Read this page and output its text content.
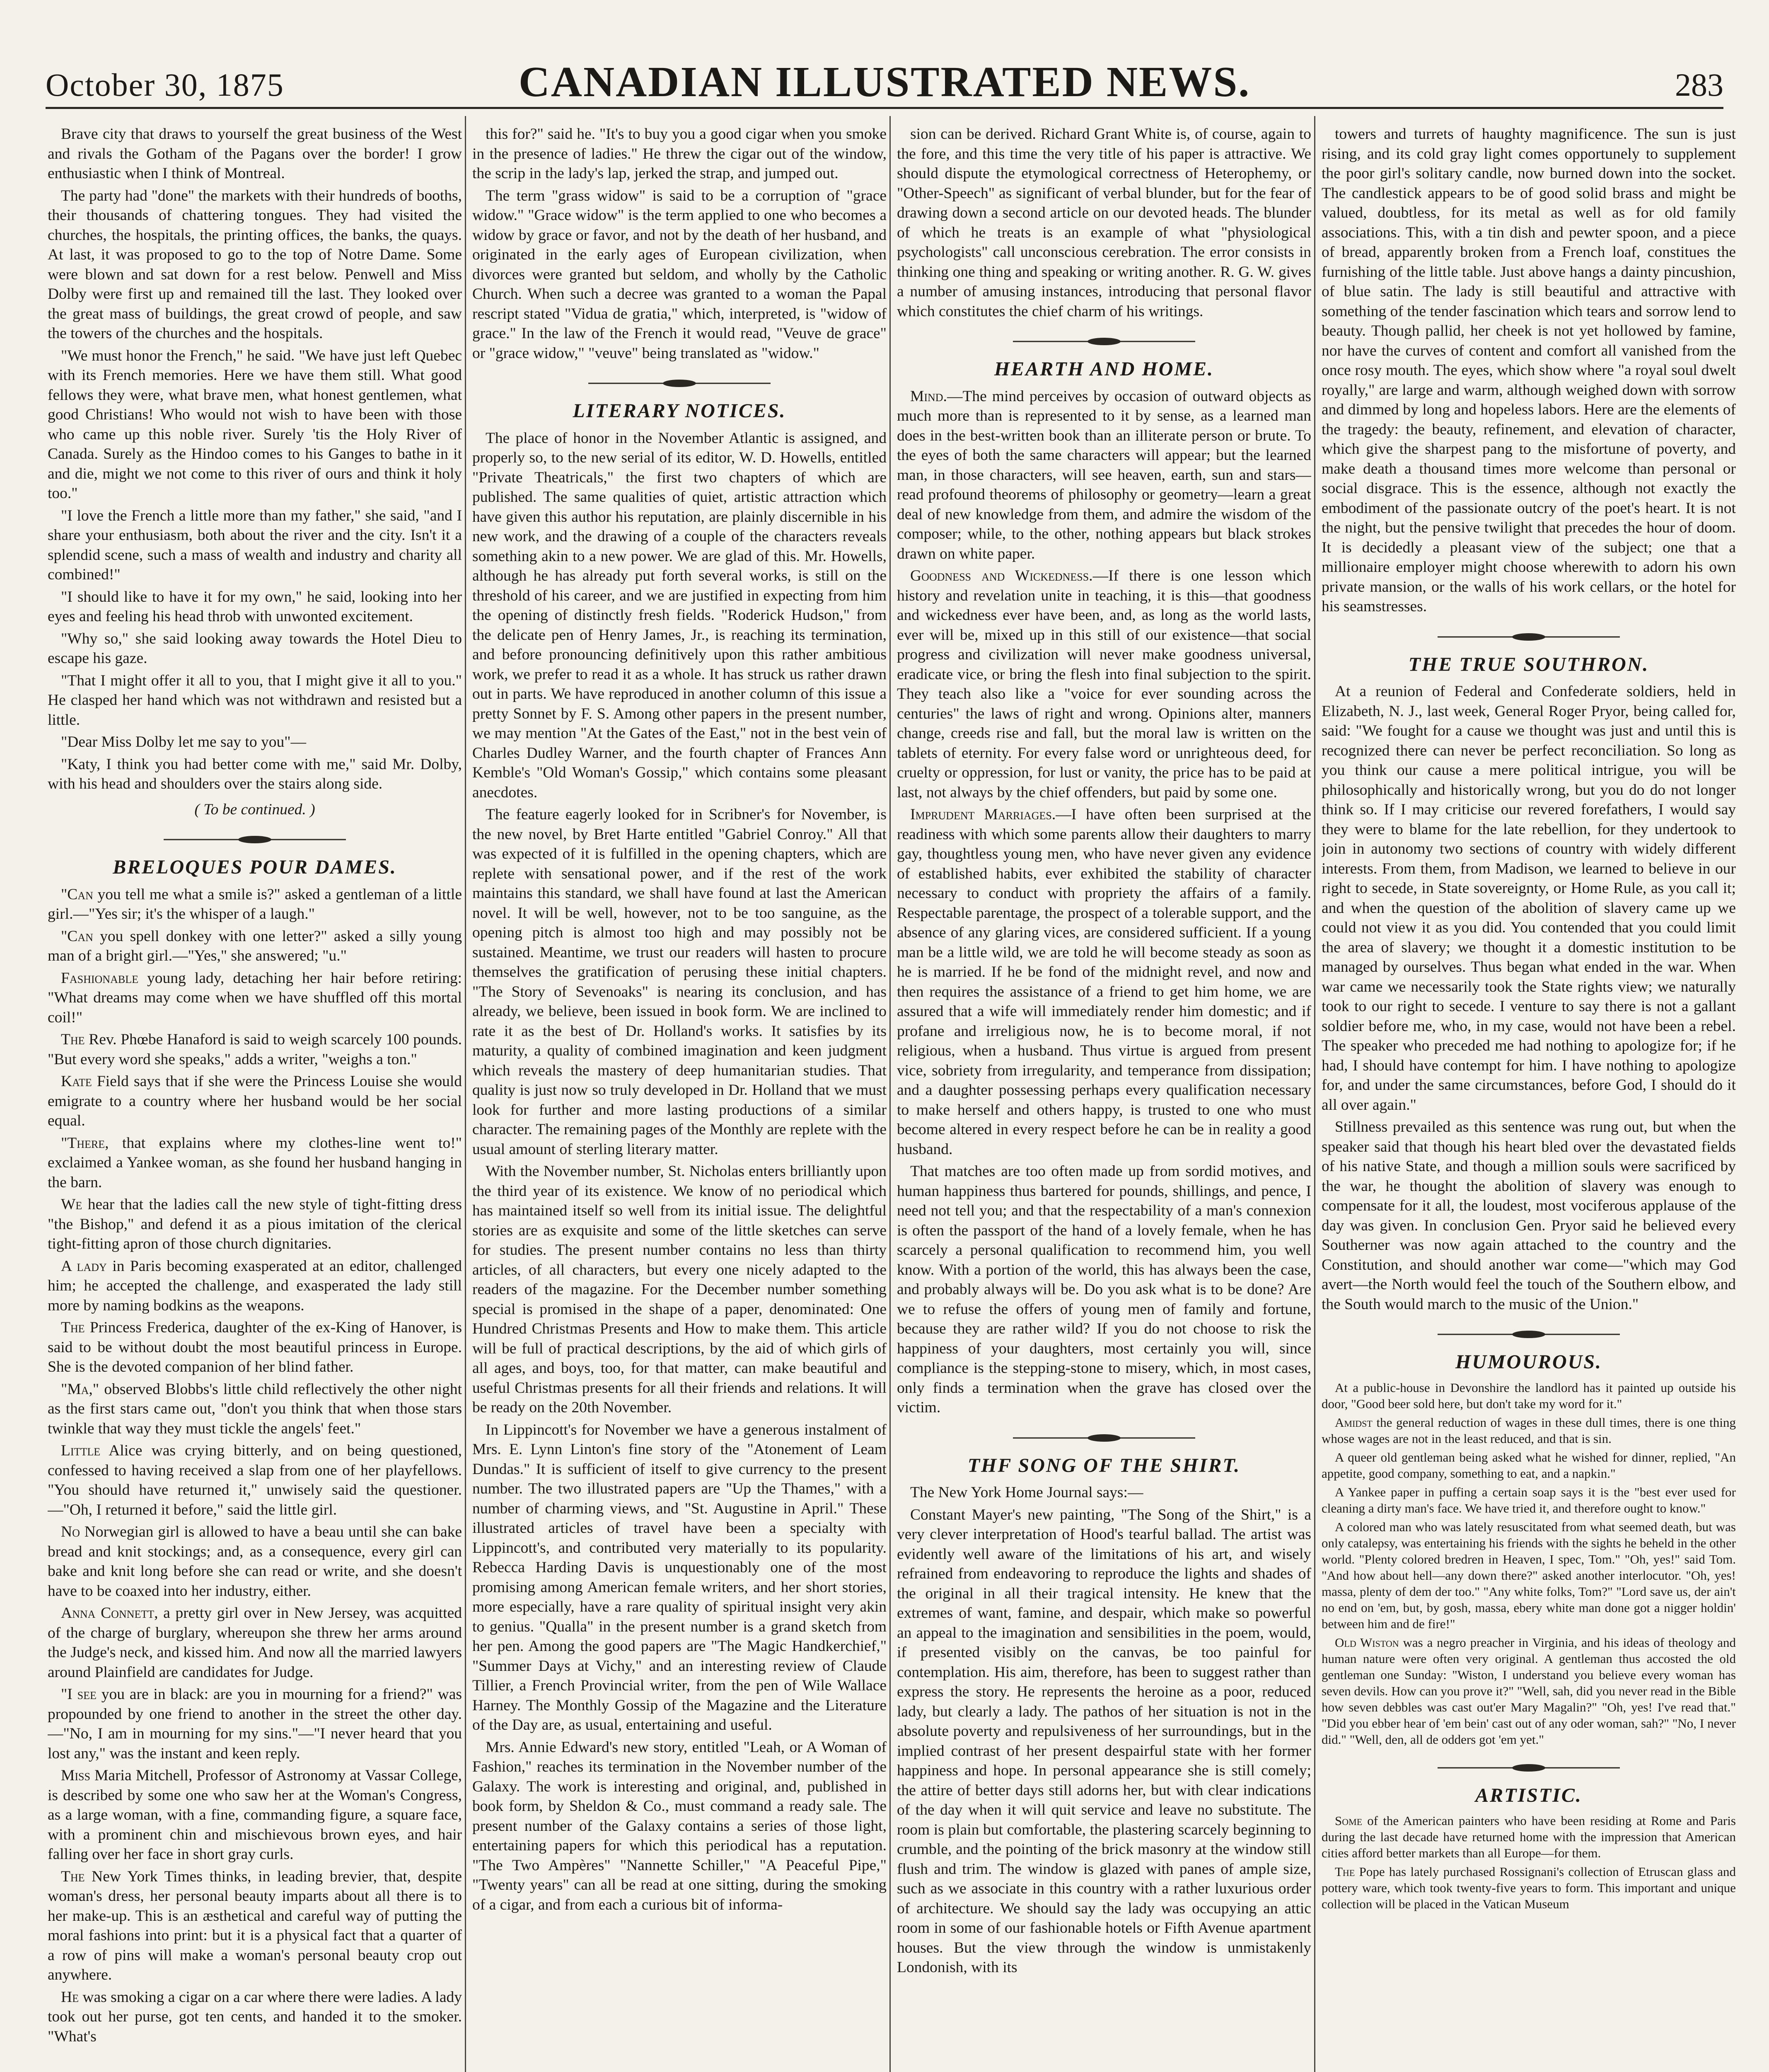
October 30, 1875	CANADIAN ILLUSTRATED NEWS.	283

Brave city that draws to yourself the great business of the West and rivals the Gotham of the Pagans over the border! I grow enthusiastic when I think of Montreal.

The party had "done" the markets with their hundreds of booths, their thousands of chattering tongues. They had visited the churches, the hospitals, the printing offices, the banks, the quays. At last, it was proposed to go to the top of Notre Dame. Some were blown and sat down for a rest below. Penwell and Miss Dolby were first up and remained till the last. They looked over the great mass of buildings, the great crowd of people, and saw the towers of the churches and the hospitals.

"We must honor the French," he said. "We have just left Quebec with its French memories. Here we have them still. What good fellows they were, what brave men, what honest gentlemen, what good Christians! Who would not wish to have been with those who came up this noble river. Surely 'tis the Holy River of Canada. Surely as the Hindoo comes to his Ganges to bathe in it and die, might we not come to this river of ours and think it holy too."

"I love the French a little more than my father," she said, "and I share your enthusiasm, both about the river and the city. Isn't it a splendid scene, such a mass of wealth and industry and charity all combined!"

"I should like to have it for my own," he said, looking into her eyes and feeling his head throb with unwonted excitement.

"Why so," she said looking away towards the Hotel Dieu to escape his gaze.

"That I might offer it all to you, that I might give it all to you." He clasped her hand which was not withdrawn and resisted but a little.

"Dear Miss Dolby let me say to you"—

"Katy, I think you had better come with me," said Mr. Dolby, with his head and shoulders over the stairs along side.

( To be continued. )

BRELOQUES POUR DAMES.

"Can you tell me what a smile is?" asked a gentleman of a little girl.—"Yes sir; it's the whisper of a laugh."

"Can you spell donkey with one letter?" asked a silly young man of a bright girl.—"Yes," she answered; "u."

Fashionable young lady, detaching her hair before retiring: "What dreams may come when we have shuffled off this mortal coil!"

The Rev. Phœbe Hanaford is said to weigh scarcely 100 pounds. "But every word she speaks," adds a writer, "weighs a ton."

Kate Field says that if she were the Princess Louise she would emigrate to a country where her husband would be her social equal.

"There, that explains where my clothes-line went to!" exclaimed a Yankee woman, as she found her husband hanging in the barn.

We hear that the ladies call the new style of tight-fitting dress "the Bishop," and defend it as a pious imitation of the clerical tight-fitting apron of those church dignitaries.

A lady in Paris becoming exasperated at an editor, challenged him; he accepted the challenge, and exasperated the lady still more by naming bodkins as the weapons.

The Princess Frederica, daughter of the ex-King of Hanover, is said to be without doubt the most beautiful princess in Europe. She is the devoted companion of her blind father.

"Ma," observed Blobbs's little child reflectively the other night as the first stars came out, "don't you think that when those stars twinkle that way they must tickle the angels' feet."

Little Alice was crying bitterly, and on being questioned, confessed to having received a slap from one of her playfellows. "You should have returned it," unwisely said the questioner. —"Oh, I returned it before," said the little girl.

No Norwegian girl is allowed to have a beau until she can bake bread and knit stockings; and, as a consequence, every girl can bake and knit long before she can read or write, and she doesn't have to be coaxed into her industry, either.

Anna Connett, a pretty girl over in New Jersey, was acquitted of the charge of burglary, whereupon she threw her arms around the Judge's neck, and kissed him. And now all the married lawyers around Plainfield are candidates for Judge.

"I see you are in black: are you in mourning for a friend?" was propounded by one friend to another in the street the other day.—"No, I am in mourning for my sins."—"I never heard that you lost any," was the instant and keen reply.

Miss Maria Mitchell, Professor of Astronomy at Vassar College, is described by some one who saw her at the Woman's Congress, as a large woman, with a fine, commanding figure, a square face, with a prominent chin and mischievous brown eyes, and hair falling over her face in short gray curls.

The New York Times thinks, in leading brevier, that, despite woman's dress, her personal beauty imparts about all there is to her make-up. This is an æsthetical and careful way of putting the moral fashions into print: but it is a physical fact that a quarter of a row of pins will make a woman's personal beauty crop out anywhere.

He was smoking a cigar on a car where there were ladies. A lady took out her purse, got ten cents, and handed it to the smoker. "What's

this for?" said he. "It's to buy you a good cigar when you smoke in the presence of ladies." He threw the cigar out of the window, the scrip in the lady's lap, jerked the strap, and jumped out.

The term "grass widow" is said to be a corruption of "grace widow." "Grace widow" is the term applied to one who becomes a widow by grace or favor, and not by the death of her husband, and originated in the early ages of European civilization, when divorces were granted but seldom, and wholly by the Catholic Church. When such a decree was granted to a woman the Papal rescript stated "Vidua de gratia," which, interpreted, is "widow of grace." In the law of the French it would read, "Veuve de grace" or "grace widow," "veuve" being translated as "widow."

LITERARY NOTICES.

The place of honor in the November Atlantic is assigned, and properly so, to the new serial of its editor, W. D. Howells, entitled "Private Theatricals," the first two chapters of which are published. The same qualities of quiet, artistic attraction which have given this author his reputation, are plainly discernible in his new work, and the drawing of a couple of the characters reveals something akin to a new power. We are glad of this. Mr. Howells, although he has already put forth several works, is still on the threshold of his career, and we are justified in expecting from him the opening of distinctly fresh fields. "Roderick Hudson," from the delicate pen of Henry James, Jr., is reaching its termination, and before pronouncing definitively upon this rather ambitious work, we prefer to read it as a whole. It has struck us rather drawn out in parts. We have reproduced in another column of this issue a pretty Sonnet by F. S. Among other papers in the present number, we may mention "At the Gates of the East," not in the best vein of Charles Dudley Warner, and the fourth chapter of Frances Ann Kemble's "Old Woman's Gossip," which contains some pleasant anecdotes.

The feature eagerly looked for in Scribner's for November, is the new novel, by Bret Harte entitled "Gabriel Conroy." All that was expected of it is fulfilled in the opening chapters, which are replete with sensational power, and if the rest of the work maintains this standard, we shall have found at last the American novel. It will be well, however, not to be too sanguine, as the opening pitch is almost too high and may possibly not be sustained. Meantime, we trust our readers will hasten to procure themselves the gratification of perusing these initial chapters. "The Story of Sevenoaks" is nearing its conclusion, and has already, we believe, been issued in book form. We are inclined to rate it as the best of Dr. Holland's works. It satisfies by its maturity, a quality of combined imagination and keen judgment which reveals the mastery of deep humanitarian studies. That quality is just now so truly developed in Dr. Holland that we must look for further and more lasting productions of a similar character. The remaining pages of the Monthly are replete with the usual amount of sterling literary matter.

With the November number, St. Nicholas enters brilliantly upon the third year of its existence. We know of no periodical which has maintained itself so well from its initial issue. The delightful stories are as exquisite and some of the little sketches can serve for studies. The present number contains no less than thirty articles, of all characters, but every one nicely adapted to the readers of the magazine. For the December number something special is promised in the shape of a paper, denominated: One Hundred Christmas Presents and How to make them. This article will be full of practical descriptions, by the aid of which girls of all ages, and boys, too, for that matter, can make beautiful and useful Christmas presents for all their friends and relations. It will be ready on the 20th November.

In Lippincott's for November we have a generous instalment of Mrs. E. Lynn Linton's fine story of the "Atonement of Leam Dundas." It is sufficient of itself to give currency to the present number. The two illustrated papers are "Up the Thames," with a number of charming views, and "St. Augustine in April." These illustrated articles of travel have been a specialty with Lippincott's, and contributed very materially to its popularity. Rebecca Harding Davis is unquestionably one of the most promising among American female writers, and her short stories, more especially, have a rare quality of spiritual insight very akin to genius. "Qualla" in the present number is a grand sketch from her pen. Among the good papers are "The Magic Handkerchief," "Summer Days at Vichy," and an interesting review of Claude Tillier, a French Provincial writer, from the pen of Wile Wallace Harney. The Monthly Gossip of the Magazine and the Literature of the Day are, as usual, entertaining and useful.

Mrs. Annie Edward's new story, entitled "Leah, or A Woman of Fashion," reaches its termination in the November number of the Galaxy. The work is interesting and original, and, published in book form, by Sheldon & Co., must command a ready sale. The present number of the Galaxy contains a series of those light, entertaining papers for which this periodical has a reputation. "The Two Ampères" "Nannette Schiller," "A Peaceful Pipe," "Twenty years" can all be read at one sitting, during the smoking of a cigar, and from each a curious bit of informa-

sion can be derived. Richard Grant White is, of course, again to the fore, and this time the very title of his paper is attractive. We should dispute the etymological correctness of Heterophemy, or "Other-Speech" as significant of verbal blunder, but for the fear of drawing down a second article on our devoted heads. The blunder of which he treats is an example of what "physiological psychologists" call unconscious cerebration. The error consists in thinking one thing and speaking or writing another. R. G. W. gives a number of amusing instances, introducing that personal flavor which constitutes the chief charm of his writings.

HEARTH AND HOME.

Mind.—The mind perceives by occasion of outward objects as much more than is represented to it by sense, as a learned man does in the best-written book than an illiterate person or brute. To the eyes of both the same characters will appear; but the learned man, in those characters, will see heaven, earth, sun and stars—read profound theorems of philosophy or geometry—learn a great deal of new knowledge from them, and admire the wisdom of the composer; while, to the other, nothing appears but black strokes drawn on white paper.

Goodness and Wickedness.—If there is one lesson which history and revelation unite in teaching, it is this—that goodness and wickedness ever have been, and, as long as the world lasts, ever will be, mixed up in this still of our existence—that social progress and civilization will never make goodness universal, eradicate vice, or bring the flesh into final subjection to the spirit. They teach also like a "voice for ever sounding across the centuries" the laws of right and wrong. Opinions alter, manners change, creeds rise and fall, but the moral law is written on the tablets of eternity. For every false word or unrighteous deed, for cruelty or oppression, for lust or vanity, the price has to be paid at last, not always by the chief offenders, but paid by some one.

Imprudent Marriages.—I have often been surprised at the readiness with which some parents allow their daughters to marry gay, thoughtless young men, who have never given any evidence of established habits, ever exhibited the stability of character necessary to conduct with propriety the affairs of a family. Respectable parentage, the prospect of a tolerable support, and the absence of any glaring vices, are considered sufficient. If a young man be a little wild, we are told he will become steady as soon as he is married. If he be fond of the midnight revel, and now and then requires the assistance of a friend to get him home, we are assured that a wife will immediately render him domestic; and if profane and irreligious now, he is to become moral, if not religious, when a husband. Thus virtue is argued from present vice, sobriety from irregularity, and temperance from dissipation; and a daughter possessing perhaps every qualification necessary to make herself and others happy, is trusted to one who must become altered in every respect before he can be in reality a good husband.

That matches are too often made up from sordid motives, and human happiness thus bartered for pounds, shillings, and pence, I need not tell you; and that the respectability of a man's connexion is often the passport of the hand of a lovely female, when he has scarcely a personal qualification to recommend him, you well know. With a portion of the world, this has always been the case, and probably always will be. Do you ask what is to be done? Are we to refuse the offers of young men of family and fortune, because they are rather wild? If you do not choose to risk the happiness of your daughters, most certainly you will, since compliance is the stepping-stone to misery, which, in most cases, only finds a termination when the grave has closed over the victim.

THF SONG OF THE SHIRT.

The New York Home Journal says:—

Constant Mayer's new painting, "The Song of the Shirt," is a very clever interpretation of Hood's tearful ballad. The artist was evidently well aware of the limitations of his art, and wisely refrained from endeavoring to reproduce the lights and shades of the original in all their tragical intensity. He knew that the extremes of want, famine, and despair, which make so powerful an appeal to the imagination and sensibilities in the poem, would, if presented visibly on the canvas, be too painful for contemplation. His aim, therefore, has been to suggest rather than express the story. He represents the heroine as a poor, reduced lady, but clearly a lady. The pathos of her situation is not in the absolute poverty and repulsiveness of her surroundings, but in the implied contrast of her present despairful state with her former happiness and hope. In personal appearance she is still comely; the attire of better days still adorns her, but with clear indications of the day when it will quit service and leave no substitute. The room is plain but comfortable, the plastering scarcely beginning to crumble, and the pointing of the brick masonry at the window still flush and trim. The window is glazed with panes of ample size, such as we associate in this country with a rather luxurious order of architecture. We should say the lady was occupying an attic room in some of our fashionable hotels or Fifth Avenue apartment houses. But the view through the window is unmistakenly Londonish, with its

towers and turrets of haughty magnificence. The sun is just rising, and its cold gray light comes opportunely to supplement the poor girl's solitary candle, now burned down into the socket. The candlestick appears to be of good solid brass and might be valued, doubtless, for its metal as well as for old family associations. This, with a tin dish and pewter spoon, and a piece of bread, apparently broken from a French loaf, constitues the furnishing of the little table. Just above hangs a dainty pincushion, of blue satin. The lady is still beautiful and attractive with something of the tender fascination which tears and sorrow lend to beauty. Though pallid, her cheek is not yet hollowed by famine, nor have the curves of content and comfort all vanished from the once rosy mouth. The eyes, which show where "a royal soul dwelt royally," are large and warm, although weighed down with sorrow and dimmed by long and hopeless labors. Here are the elements of the tragedy: the beauty, refinement, and elevation of character, which give the sharpest pang to the misfortune of poverty, and make death a thousand times more welcome than personal or social disgrace. This is the essence, although not exactly the embodiment of the passionate outcry of the poet's heart. It is not the night, but the pensive twilight that precedes the hour of doom. It is decidedly a pleasant view of the subject; one that a millionaire employer might choose wherewith to adorn his own private mansion, or the walls of his work cellars, or the hotel for his seamstresses.

THE TRUE SOUTHRON.

At a reunion of Federal and Confederate soldiers, held in Elizabeth, N. J., last week, General Roger Pryor, being called for, said: "We fought for a cause we thought was just and until this is recognized there can never be perfect reconciliation. So long as you think our cause a mere political intrigue, you will be philosophically and historically wrong, but you do do not longer think so. If I may criticise our revered forefathers, I would say they were to blame for the late rebellion, for they undertook to join in autonomy two sections of country with widely different interests. From them, from Madison, we learned to believe in our right to secede, in State sovereignty, or Home Rule, as you call it; and when the question of the abolition of slavery came up we could not view it as you did. You contended that you could limit the area of slavery; we thought it a domestic institution to be managed by ourselves. Thus began what ended in the war. When war came we necessarily took the State rights view; we naturally took to our right to secede. I venture to say there is not a gallant soldier before me, who, in my case, would not have been a rebel. The speaker who preceded me had nothing to apologize for; if he had, I should have contempt for him. I have nothing to apologize for, and under the same circumstances, before God, I should do it all over again."

Stillness prevailed as this sentence was rung out, but when the speaker said that though his heart bled over the devastated fields of his native State, and though a million souls were sacrificed by the war, he thought the abolition of slavery was enough to compensate for it all, the loudest, most vociferous applause of the day was given. In conclusion Gen. Pryor said he believed every Southerner was now again attached to the country and the Constitution, and should another war come—"which may God avert—the North would feel the touch of the Southern elbow, and the South would march to the music of the Union."

HUMOUROUS.

At a public-house in Devonshire the landlord has it painted up outside his door, "Good beer sold here, but don't take my word for it."

Amidst the general reduction of wages in these dull times, there is one thing whose wages are not in the least reduced, and that is sin.

A queer old gentleman being asked what he wished for dinner, replied, "An appetite, good company, something to eat, and a napkin."

A Yankee paper in puffing a certain soap says it is the "best ever used for cleaning a dirty man's face. We have tried it, and therefore ought to know."

A colored man who was lately resuscitated from what seemed death, but was only catalepsy, was entertaining his friends with the sights he beheld in the other world. "Plenty colored bredren in Heaven, I spec, Tom." "Oh, yes!" said Tom. "And how about hell—any down there?" asked another interlocutor. "Oh, yes! massa, plenty of dem der too." "Any white folks, Tom?" "Lord save us, der ain't no end on 'em, but, by gosh, massa, ebery white man done got a nigger holdin' between him and de fire!"

Old Wiston was a negro preacher in Virginia, and his ideas of theology and human nature were often very original. A gentleman thus accosted the old gentleman one Sunday: "Wiston, I understand you believe every woman has seven devils. How can you prove it?" "Well, sah, did you never read in the Bible how seven debbles was cast out'er Mary Magalin?" "Oh, yes! I've read that." "Did you ebber hear of 'em bein' cast out of any oder woman, sah?" "No, I never did." "Well, den, all de odders got 'em yet."

ARTISTIC.

Some of the American painters who have been residing at Rome and Paris during the last decade have returned home with the impression that American cities afford better markets than all Europe—for them.

The Pope has lately purchased Rossignani's collection of Etruscan glass and pottery ware, which took twenty-five years to form. This important and unique collection will be placed in the Vatican Museum
